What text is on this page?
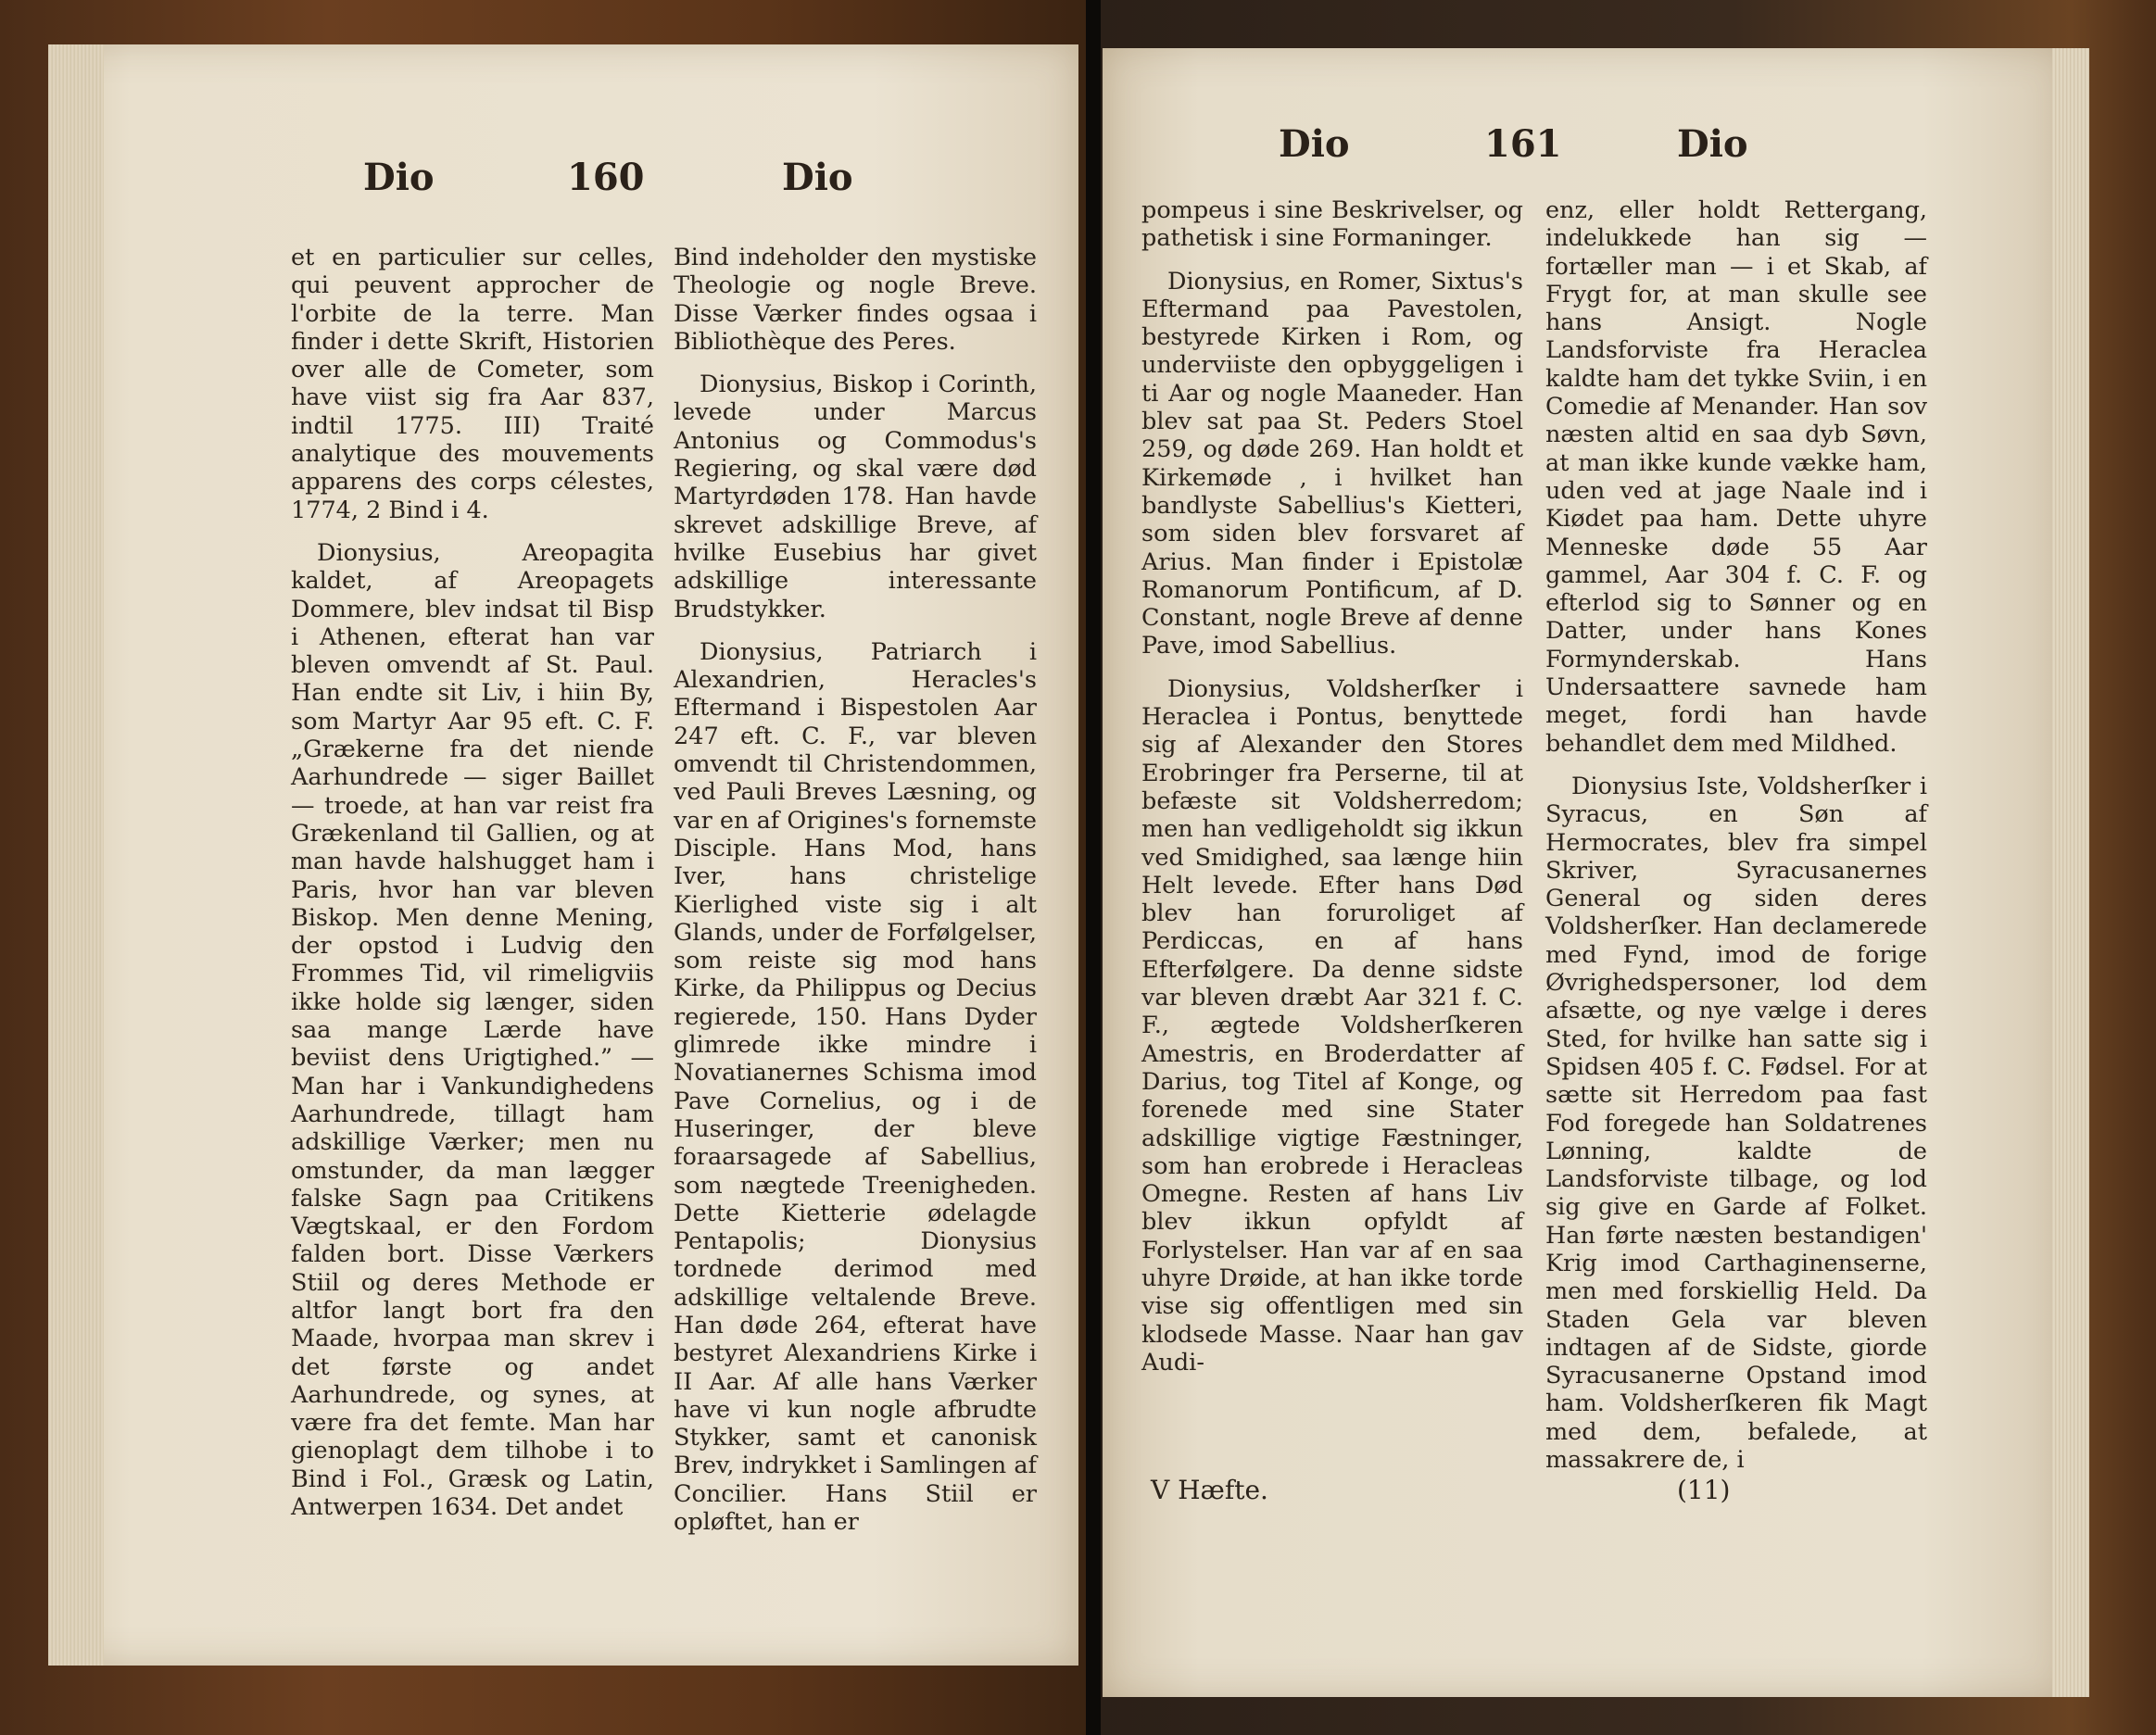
Dio	160	Dio

et en particulier sur celles, qui peuvent approcher de l'orbite de la terre. Man finder i dette Skrift, Historien over alle de Cometer, som have viist sig fra Aar 837, indtil 1775. III) Traité analytique des mouvements apparens des corps célestes, 1774, 2 Bind i 4.

Dionysius, Areopagita kaldet, af Areopagets Dommere, blev indsat til Bisp i Athenen, efterat han var bleven omvendt af St. Paul. Han endte sit Liv, i hiin By, som Martyr Aar 95 eft. C. F. „Grækerne fra det niende Aarhundrede — siger Baillet — troede, at han var reist fra Grækenland til Gallien, og at man havde halshugget ham i Paris, hvor han var bleven Biskop. Men denne Mening, der opstod i Ludvig den Frommes Tid, vil rimeligviis ikke holde sig længer, siden saa mange Lærde have beviist dens Urigtighed.” — Man har i Vankundighedens Aarhundrede, tillagt ham adskillige Værker; men nu omstunder, da man lægger falske Sagn paa Critikens Vægtskaal, er den Fordom falden bort. Disse Værkers Stiil og deres Methode er altfor langt bort fra den Maade, hvorpaa man skrev i det første og andet Aarhundrede, og synes, at være fra det femte. Man har gienoplagt dem tilhobe i to Bind i Fol., Græsk og Latin, Antwerpen 1634. Det andet

Bind indeholder den mystiske Theologie og nogle Breve. Disse Værker findes ogsaa i Bibliothèque des Peres.

Dionysius, Biskop i Corinth, levede under Marcus Antonius og Commodus's Regiering, og skal være død Martyrdøden 178. Han havde skrevet adskillige Breve, af hvilke Eusebius har givet adskillige interessante Brudstykker.

Dionysius, Patriarch i Alexandrien, Heracles's Eftermand i Bispestolen Aar 247 eft. C. F., var bleven omvendt til Christendommen, ved Pauli Breves Læsning, og var en af Origines's fornemste Disciple. Hans Mod, hans Iver, hans christelige Kierlighed viste sig i alt Glands, under de Forfølgelser, som reiste sig mod hans Kirke, da Philippus og Decius regierede, 150. Hans Dyder glimrede ikke mindre i Novatianernes Schisma imod Pave Cornelius, og i de Huseringer, der bleve foraarsagede af Sabellius, som nægtede Treenigheden. Dette Kietterie ødelagde Pentapolis; Dionysius tordnede derimod med adskillige veltalende Breve. Han døde 264, efterat have bestyret Alexandriens Kirke i II Aar. Af alle hans Værker have vi kun nogle afbrudte Stykker, samt et canonisk Brev, indrykket i Samlingen af Concilier. Hans Stiil er opløftet, han er

Dio	161	Dio

pompeus i sine Beskrivelser, og pathetisk i sine Formaninger.

Dionysius, en Romer, Sixtus's Eftermand paa Pavestolen, bestyrede Kirken i Rom, og underviiste den opbyggeligen i ti Aar og nogle Maaneder. Han blev sat paa St. Peders Stoel 259, og døde 269. Han holdt et Kirkemøde , i hvilket han bandlyste Sabellius's Kietteri, som siden blev forsvaret af Arius. Man finder i Epistolæ Romanorum Pontificum, af D. Constant, nogle Breve af denne Pave, imod Sabellius.

Dionysius, Voldsherſker i Heraclea i Pontus, benyttede sig af Alexander den Stores Erobringer fra Perserne, til at befæste sit Voldsherredom; men han vedligeholdt sig ikkun ved Smidighed, saa længe hiin Helt levede. Efter hans Død blev han foruroliget af Perdiccas, en af hans Efterfølgere. Da denne sidste var bleven dræbt Aar 321 f. C. F., ægtede Voldsherſkeren Amestris, en Broderdatter af Darius, tog Titel af Konge, og forenede med sine Stater adskillige vigtige Fæstninger, som han erobrede i Heracleas Omegne. Resten af hans Liv blev ikkun opfyldt af Forlystelser. Han var af en saa uhyre Drøide, at han ikke torde vise sig offentligen med sin klodsede Masse. Naar han gav Audi-

enz, eller holdt Rettergang, indelukkede han sig — fortæller man — i et Skab, af Frygt for, at man skulle see hans Ansigt. Nogle Landsforviste fra Heraclea kaldte ham det tykke Sviin, i en Comedie af Menander. Han sov næsten altid en saa dyb Søvn, at man ikke kunde vække ham, uden ved at jage Naale ind i Kiødet paa ham. Dette uhyre Menneske døde 55 Aar gammel, Aar 304 f. C. F. og efterlod sig to Sønner og en Datter, under hans Kones Formynderskab. Hans Undersaattere savnede ham meget, fordi han havde behandlet dem med Mildhed.

Dionysius Iste, Voldsherſker i Syracus, en Søn af Hermocrates, blev fra simpel Skriver, Syracusanernes General og siden deres Voldsherſker. Han declamerede med Fynd, imod de forige Øvrighedspersoner, lod dem afsætte, og nye vælge i deres Sted, for hvilke han satte sig i Spidsen 405 f. C. Fødsel. For at sætte sit Herredom paa fast Fod foregede han Soldatrenes Lønning, kaldte de Landsforviste tilbage, og lod sig give en Garde af Folket. Han førte næsten bestandigen' Krig imod Carthaginenserne, men med forskiellig Held. Da Staden Gela var bleven indtagen af de Sidste, giorde Syracusanerne Opstand imod ham. Voldsherſkeren fik Magt med dem, befalede, at massakrere de, i

V Hæfte.	(11)
